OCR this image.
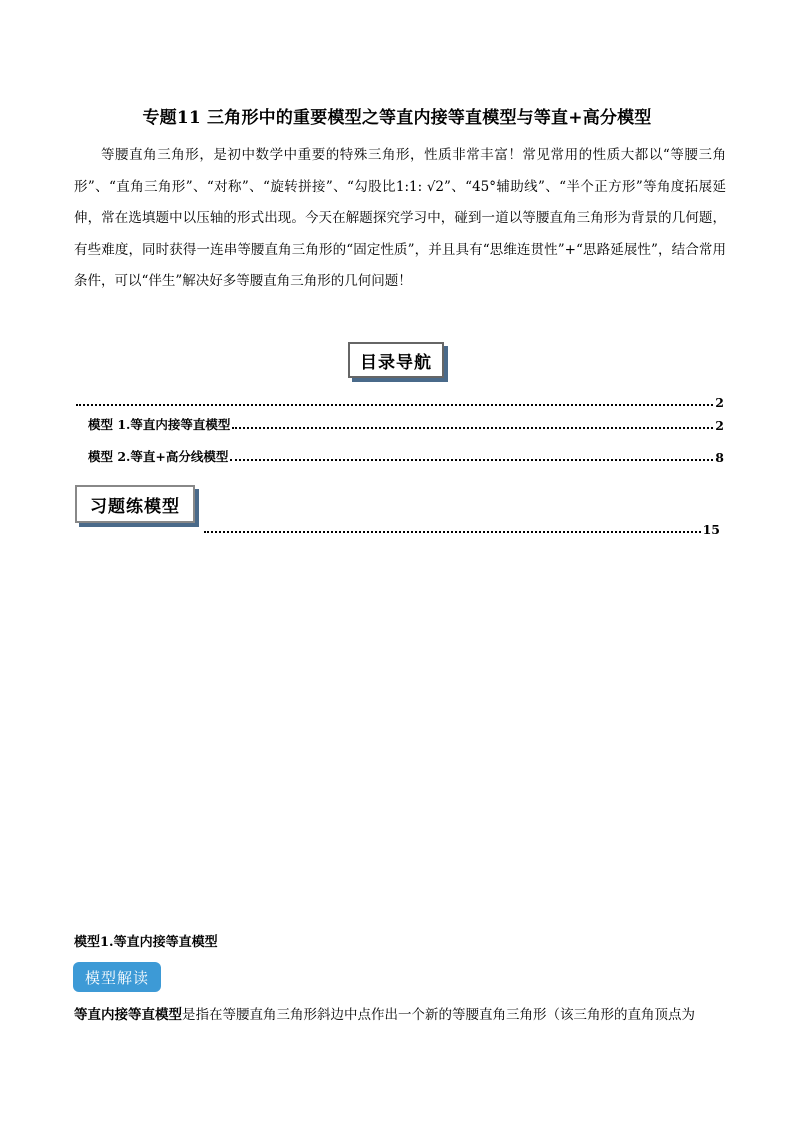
专题11 三角形中的重要模型之等直内接等直模型与等直+高分模型
等腰直角三角形，是初中数学中重要的特殊三角形，性质非常丰富！常见常用的性质大都以“等腰三角形”、“直角三角形”、“对称”、“旋转拼接”、“勾股比1:1: √2”、“45°辅助线”、“半个正方形”等角度拓展延伸，常在选填题中以压轴的形式出现。今天在解题探究学习中，碰到一道以等腰直角三角形为背景的几何题，有些难度，同时获得一连串等腰直角三角形的“固定性质”，并且具有“思维连贯性”+“思路延展性”，结合常用条件，可以“伴生”解决好多等腰直角三角形的几何问题！
目录导航
2
模型 1.等直内接等直模型	2
模型 2.等直+高分线模型	8
习题练模型
15
模型1.等直内接等直模型
模型解读
等直内接等直模型是指在等腰直角三角形斜边中点作出一个新的等腰直角三角形（该三角形的直角顶点为
